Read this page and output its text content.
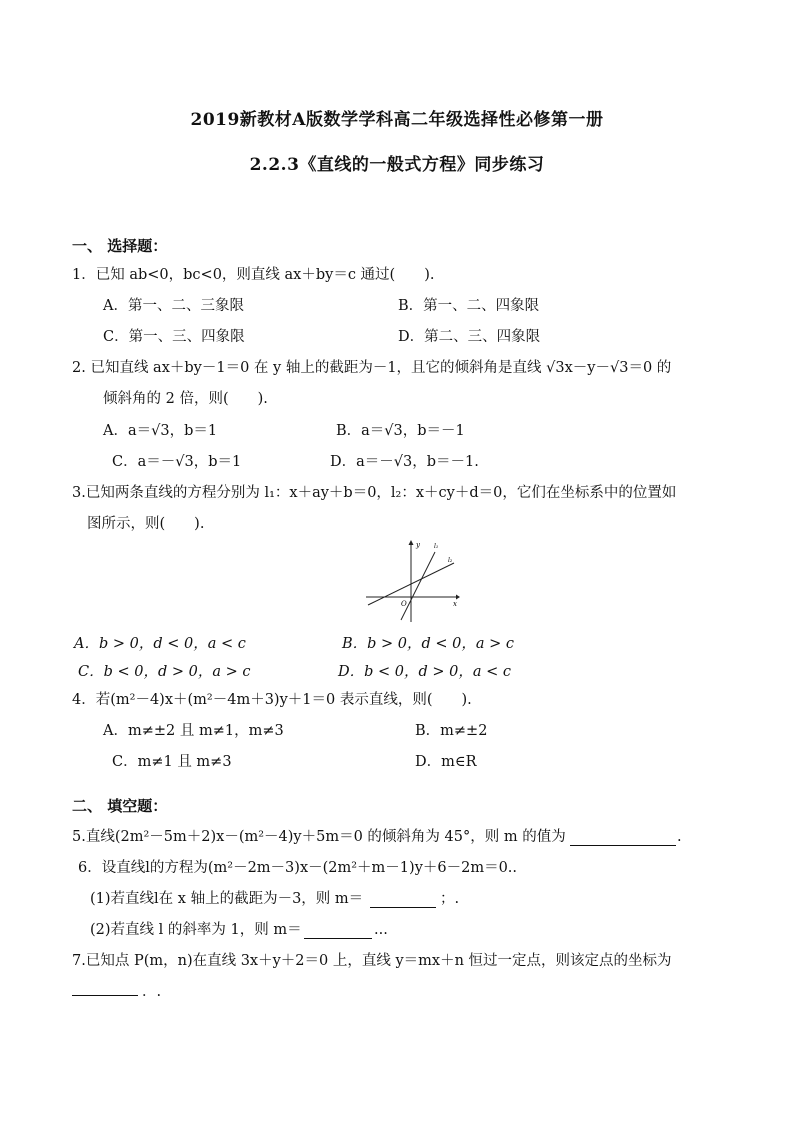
2019新教材A版数学学科高二年级选择性必修第一册
2.2.3《直线的一般式方程》同步练习
一、 选择题：
1．已知 ab<0，bc<0，则直线 ax＋by＝c 通过(　　).
A．第一、二、三象限	B．第一、二、四象限
C．第一、三、四象限	D．第二、三、四象限
2. 已知直线 ax＋by－1＝0 在 y 轴上的截距为－1，且它的倾斜角是直线 √3x－y－√3＝0 的
倾斜角的 2 倍，则(　　).
A．a＝√3，b＝1	B．a＝√3，b＝－1
C．a＝－√3，b＝1	D．a＝－√3，b＝－1.
3.已知两条直线的方程分别为 l₁：x＋ay＋b＝0，l₂：x＋cy＋d＝0，它们在坐标系中的位置如
图所示，则(　　).
y
x
O
l₁
l₂
A．b > 0，d < 0，a < c	B．b > 0，d < 0，a > c
C．b < 0，d > 0，a > c	D．b < 0，d > 0，a < c
4．若(m²－4)x＋(m²－4m＋3)y＋1＝0 表示直线，则(　　).
A．m≠±2 且 m≠1，m≠3	B．m≠±2
C．m≠1 且 m≠3	D．m∈R
二、 填空题：
5.直线(2m²－5m＋2)x－(m²－4)y＋5m＝0 的倾斜角为 45°，则 m 的值为	.
6．设直线l的方程为(m²－2m－3)x－(2m²＋m－1)y＋6－2m＝0..
(1)若直线l在 x 轴上的截距为－3，则 m＝	；.
(2)若直线 l 的斜率为 1，则 m＝	...
7.已知点 P(m，n)在直线 3x＋y＋2＝0 上，直线 y＝mx＋n 恒过一定点，则该定点的坐标为
．.
